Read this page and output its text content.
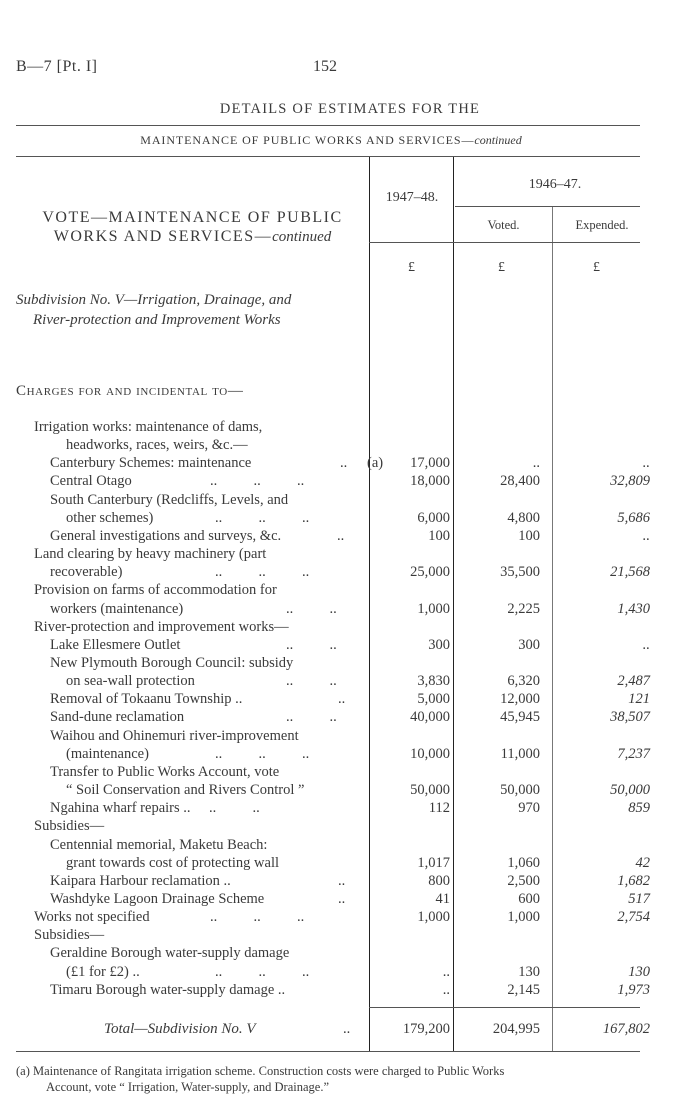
B—7 [Pt. I]	152
DETAILS OF ESTIMATES FOR THE
MAINTENANCE OF PUBLIC WORKS AND SERVICES—continued
VOTE—MAINTENANCE OF PUBLIC
WORKS AND SERVICES—continued
1947–48.
1946–47.
Voted.	Expended.
£	£	£
Subdivision No. V—Irrigation, Drainage, and
River-protection and Improvement Works
Charges for and incidental to—
Irrigation works: maintenance of dams,
headworks, races, weirs, &c.—
Canterbury Schemes: maintenance	.. (a) 17,000	..	..
Central Otago	..          ..          ..	18,000	28,400	32,809
South Canterbury (Redcliffs, Levels, and
other schemes)	..          ..          ..	6,000	4,800	5,686
General investigations and surveys, &c.	..	100	100	..
Land clearing by heavy machinery (part
recoverable)	..          ..          ..	25,000	35,500	21,568
Provision on farms of accommodation for
workers (maintenance)	..          ..	1,000	2,225	1,430
River-protection and improvement works—
Lake Ellesmere Outlet	..          ..	300	300	..
New Plymouth Borough Council: subsidy
on sea-wall protection	..          ..	3,830	6,320	2,487
Removal of Tokaanu Township ..	..	5,000	12,000	121
Sand-dune reclamation	..          ..	40,000	45,945	38,507
Waihou and Ohinemuri river-improvement
(maintenance)	..          ..          ..	10,000	11,000	7,237
Transfer to Public Works Account, vote
“ Soil Conservation and Rivers Control ”	50,000	50,000	50,000
Ngahina wharf repairs .. ..          ..	112	970	859
Subsidies—
Centennial memorial, Maketu Beach:
grant towards cost of protecting wall	1,017	1,060	42
Kaipara Harbour reclamation ..	..	800	2,500	1,682
Washdyke Lagoon Drainage Scheme	..	41	600	517
Works not specified	..          ..          ..	1,000	1,000	2,754
Subsidies—
Geraldine Borough water-supply damage
(£1 for £2) ..	..          ..          ..	..	130	130
Timaru Borough water-supply damage ..	..	2,145	1,973
Total—Subdivision No. V	..	179,200	204,995	167,802
(a) Maintenance of Rangitata irrigation scheme. Construction costs were charged to Public Works
Account, vote “ Irrigation, Water-supply, and Drainage.”
